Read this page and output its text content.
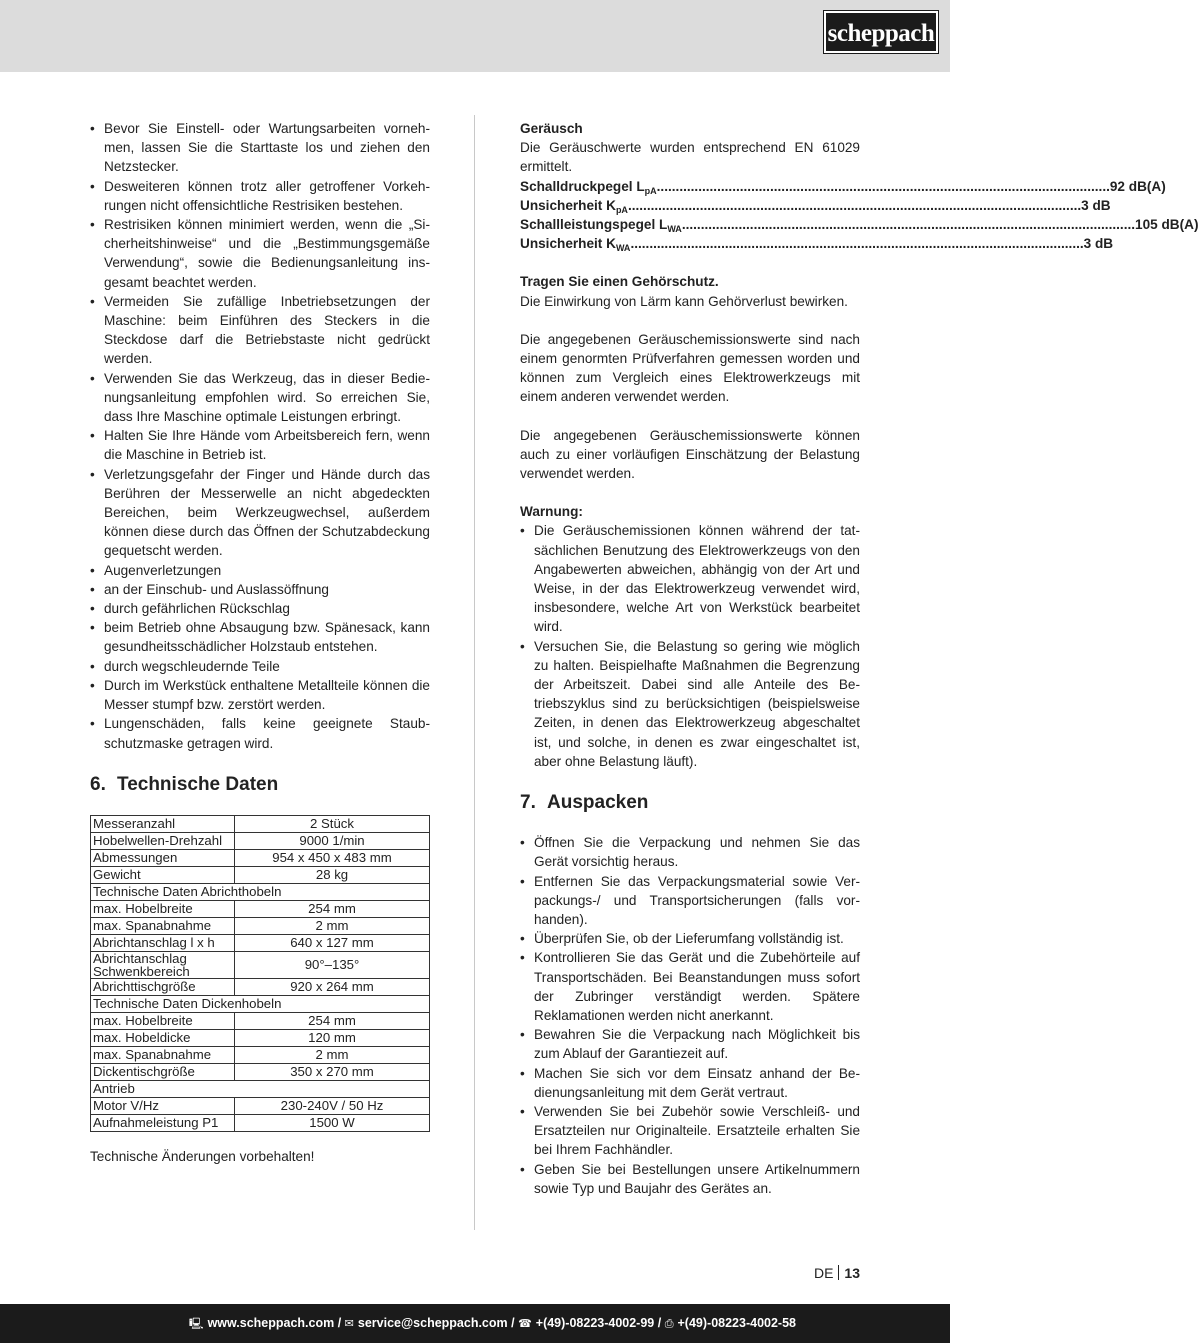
scheppach
• Bevor Sie Einstell- oder Wartungsarbeiten vornehmen, lassen Sie die Starttaste los und ziehen den Netzstecker.
• Desweiteren können trotz aller getroffener Vorkehrungen nicht offensichtliche Restrisiken bestehen.
• Restrisiken können minimiert werden, wenn die „Sicherheitshinweise“ und die „Bestimmungsgemäße Verwendung“, sowie die Bedienungsanleitung insgesamt beachtet werden.
• Vermeiden Sie zufällige Inbetriebsetzungen der Maschine: beim Einführen des Steckers in die Steckdose darf die Betriebstaste nicht gedrückt werden.
• Verwenden Sie das Werkzeug, das in dieser Bedienungsanleitung empfohlen wird. So erreichen Sie, dass Ihre Maschine optimale Leistungen erbringt.
• Halten Sie Ihre Hände vom Arbeitsbereich fern, wenn die Maschine in Betrieb ist.
• Verletzungsgefahr der Finger und Hände durch das Berühren der Messerwelle an nicht abgedeckten Bereichen, beim Werkzeugwechsel, außerdem können diese durch das Öffnen der Schutzabdeckung gequetscht werden.
• Augenverletzungen
• an der Einschub- und Auslassöffnung
• durch gefährlichen Rückschlag
• beim Betrieb ohne Absaugung bzw. Spänesack, kann gesundheitsschädlicher Holzstaub entstehen.
• durch wegschleudernde Teile
• Durch im Werkstück enthaltene Metallteile können die Messer stumpf bzw. zerstört werden.
• Lungenschäden, falls keine geeignete Staubschutzmaske getragen wird.
6. Technische Daten
Messeranzahl	2 Stück
Hobelwellen-Drehzahl	9000 1/min
Abmessungen	954 x 450 x 483 mm
Gewicht	28 kg
Technische Daten Abrichthobeln	
max. Hobelbreite	254 mm
max. Spanabnahme	2 mm
Abrichtanschlag l x h	640 x 127 mm
Abrichtanschlag Schwenkbereich	90°–135°
Abrichttischgröße	920 x 264 mm
Technische Daten Dickenhobeln	
max. Hobelbreite	254 mm
max. Hobeldicke	120 mm
max. Spanabnahme	2 mm
Dickentischgröße	350 x 270 mm
Antrieb	
Motor V/Hz	230-240V / 50 Hz
Aufnahmeleistung P1	1500 W
Technische Änderungen vorbehalten!
Geräusch
Die Geräuschwerte wurden entsprechend EN 61029 ermittelt.
Schalldruckpegel $L_{pA}$ ........................................................................................................................ 92 dB(A)
Unsicherheit $K_{pA}$ ........................................................................................................................ 3 dB
Schallleistungspegel $L_{WA}$ ........................................................................................................................ 105 dB(A)
Unsicherheit $K_{WA}$ ........................................................................................................................ 3 dB
Tragen Sie einen Gehörschutz.
Die Einwirkung von Lärm kann Gehörverlust bewirken.
Die angegebenen Geräuschemissionswerte sind nach einem genormten Prüfverfahren gemessen worden und können zum Vergleich eines Elektrowerkzeugs mit einem anderen verwendet werden.
Die angegebenen Geräuschemissionswerte können auch zu einer vorläufigen Einschätzung der Belastung verwendet werden.
Warnung:
• Die Geräuschemissionen können während der tatsächlichen Benutzung des Elektrowerkzeugs von den Angabewerten abweichen, abhängig von der Art und Weise, in der das Elektrowerkzeug verwendet wird, insbesondere, welche Art von Werkstück bearbeitet wird.
• Versuchen Sie, die Belastung so gering wie möglich zu halten. Beispielhafte Maßnahmen die Begrenzung der Arbeitszeit. Dabei sind alle Anteile des Betriebszyklus sind zu berücksichtigen (beispielsweise Zeiten, in denen das Elektrowerkzeug abgeschaltet ist, und solche, in denen es zwar eingeschaltet ist, aber ohne Belastung läuft).
7. Auspacken
• Öffnen Sie die Verpackung und nehmen Sie das Gerät vorsichtig heraus.
• Entfernen Sie das Verpackungsmaterial sowie Verpackungs-/ und Transportsicherungen (falls vorhanden).
• Überprüfen Sie, ob der Lieferumfang vollständig ist.
• Kontrollieren Sie das Gerät und die Zubehörteile auf Transportschäden. Bei Beanstandungen muss sofort der Zubringer verständigt werden. Spätere Reklamationen werden nicht anerkannt.
• Bewahren Sie die Verpackung nach Möglichkeit bis zum Ablauf der Garantiezeit auf.
• Machen Sie sich vor dem Einsatz anhand der Bedienungsanleitung mit dem Gerät vertraut.
• Verwenden Sie bei Zubehör sowie Verschleiß- und Ersatzteilen nur Originalteile. Ersatzteile erhalten Sie bei Ihrem Fachhändler.
• Geben Sie bei Bestellungen unsere Artikelnummern sowie Typ und Baujahr des Gerätes an.
DE 13
🖳 www.scheppach.com / ✉ service@scheppach.com / ☎ +(49)-08223-4002-99 / ⎙ +(49)-08223-4002-58
